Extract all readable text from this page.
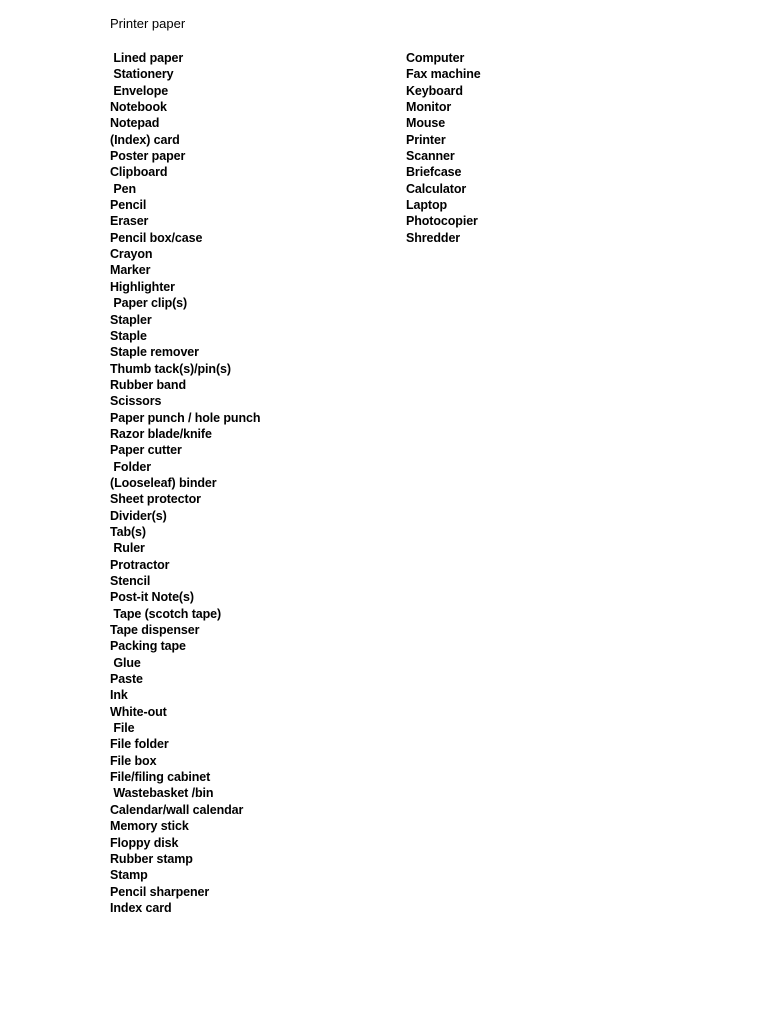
Printer paper
Lined paper
Stationery
Envelope
Notebook
Notepad
(Index) card
Poster paper
Clipboard
Pen
Pencil
Eraser
Pencil box/case
Crayon
Marker
Highlighter
Paper clip(s)
Stapler
Staple
Staple remover
Thumb tack(s)/pin(s)
Rubber band
Scissors
Paper punch / hole punch
Razor blade/knife
Paper cutter
Folder
(Looseleaf) binder
Sheet protector
Divider(s)
Tab(s)
Ruler
Protractor
Stencil
Post-it Note(s)
Tape (scotch tape)
Tape dispenser
Packing tape
Glue
Paste
Ink
White-out
File
File folder
File box
File/filing cabinet
Wastebasket /bin
Calendar/wall calendar
Memory stick
Floppy disk
Rubber stamp
Stamp
Pencil sharpener
Index card
Computer
Fax machine
Keyboard
Monitor
Mouse
Printer
Scanner
Briefcase
Calculator
Laptop
Photocopier
Shredder
